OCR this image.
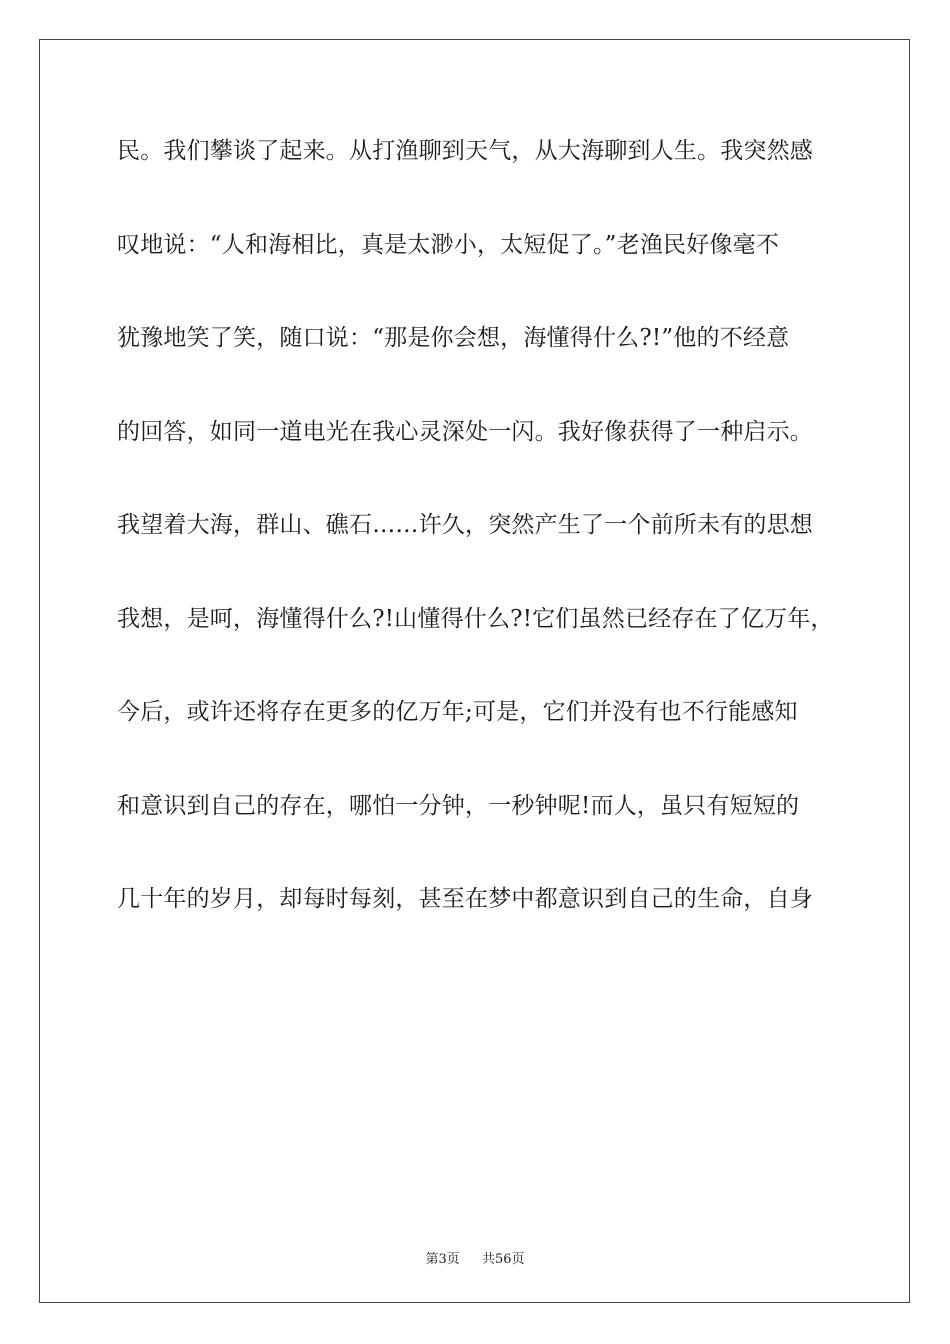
民。我们攀谈了起来。从打渔聊到天气，从大海聊到人生。我突然感
叹地说：“人和海相比，真是太渺小，太短促了。”老渔民好像毫不
犹豫地笑了笑，随口说：“那是你会想，海懂得什么?!”他的不经意
的回答，如同一道电光在我心灵深处一闪。我好像获得了一种启示。
我望着大海，群山、礁石……许久，突然产生了一个前所未有的思想
我想，是呵，海懂得什么?!山懂得什么?!它们虽然已经存在了亿万年，
今后，或许还将存在更多的亿万年;可是，它们并没有也不行能感知
和意识到自己的存在，哪怕一分钟，一秒钟呢!而人，虽只有短短的
几十年的岁月，却每时每刻，甚至在梦中都意识到自己的生命，自身
第3页 共56页
